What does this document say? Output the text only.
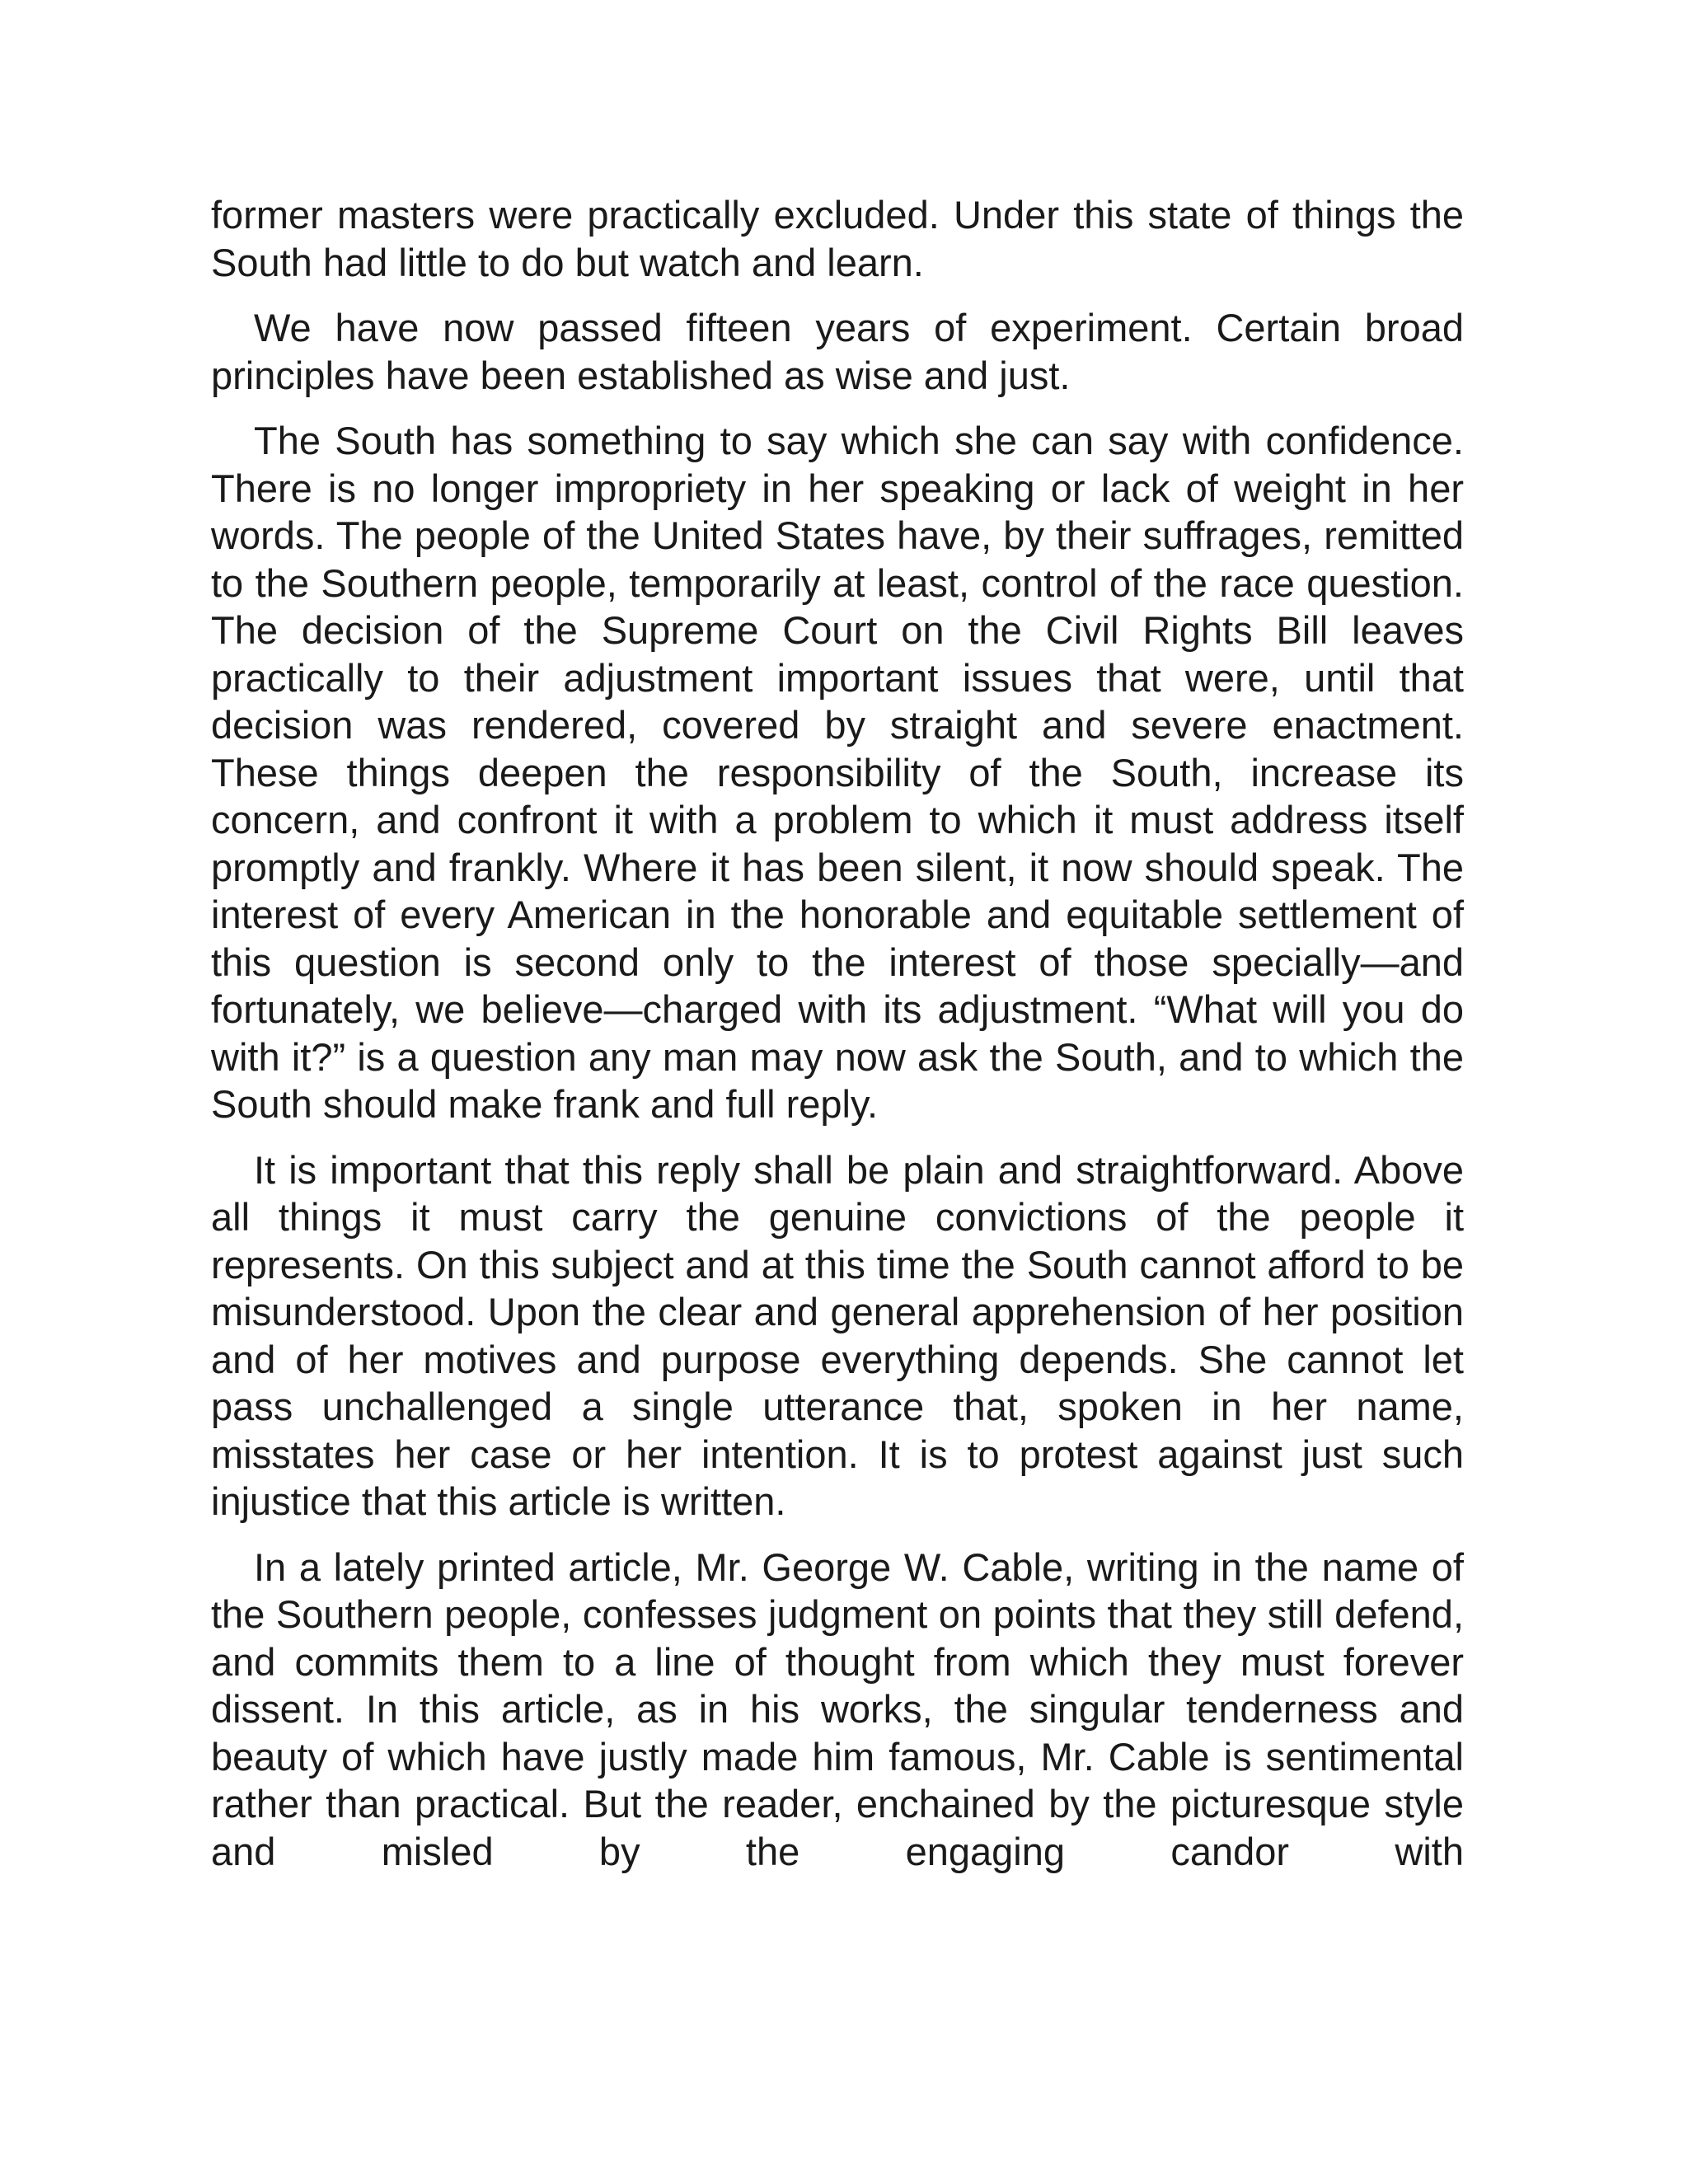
former masters were practically excluded. Under this state of things the South had little to do but watch and learn.

We have now passed fifteen years of experiment. Certain broad principles have been established as wise and just.

The South has something to say which she can say with confidence. There is no longer impropriety in her speaking or lack of weight in her words. The people of the United States have, by their suffrages, remitted to the Southern people, temporarily at least, control of the race question. The decision of the Supreme Court on the Civil Rights Bill leaves practically to their adjustment important issues that were, until that decision was rendered, covered by straight and severe enactment. These things deepen the responsibility of the South, increase its concern, and confront it with a problem to which it must address itself promptly and frankly. Where it has been silent, it now should speak. The interest of every American in the honorable and equitable settlement of this question is second only to the interest of those specially—and fortunately, we believe—charged with its adjustment. “What will you do with it?” is a question any man may now ask the South, and to which the South should make frank and full reply.

It is important that this reply shall be plain and straightforward. Above all things it must carry the genuine convictions of the people it represents. On this subject and at this time the South cannot afford to be misunderstood. Upon the clear and general apprehension of her position and of her motives and purpose everything depends. She cannot let pass unchallenged a single utterance that, spoken in her name, misstates her case or her intention. It is to protest against just such injustice that this article is written.

In a lately printed article, Mr. George W. Cable, writing in the name of the Southern people, confesses judgment on points that they still defend, and commits them to a line of thought from which they must forever dissent. In this article, as in his works, the singular tenderness and beauty of which have justly made him famous, Mr. Cable is sentimental rather than practical. But the reader, enchained by the picturesque style and misled by the engaging candor with
